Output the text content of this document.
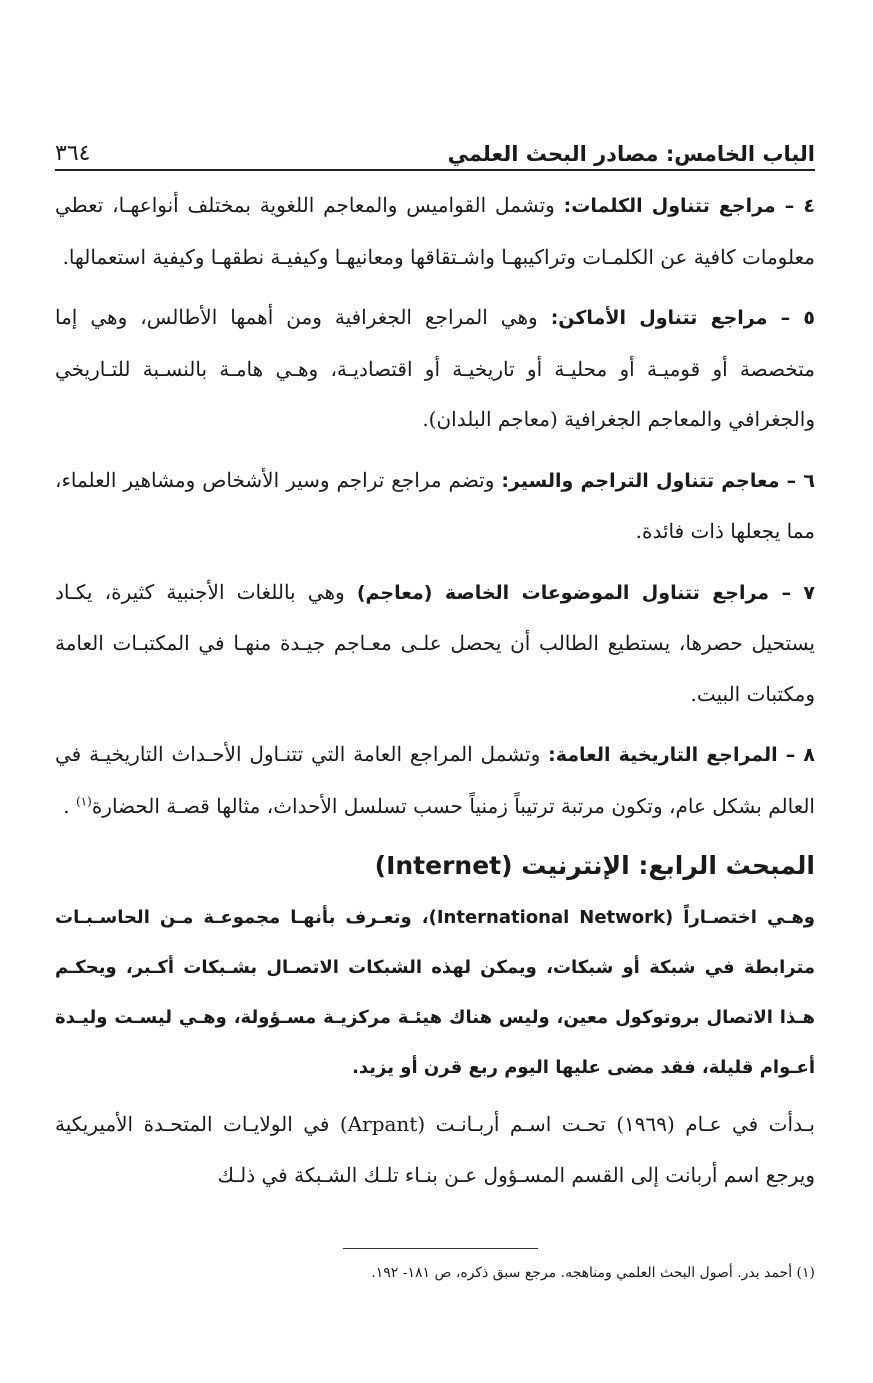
٣٦٤	الباب الخامس: مصادر البحث العلمي

٤ – مراجع تتناول الكلمات: وتشمل القواميس والمعاجم اللغوية بمختلف أنواعهـا، تعطي معلومات كافية عن الكلمـات وتراكيبهـا واشـتقاقها ومعانيهـا وكيفيـة نطقهـا وكيفية استعمالها.

٥ – مراجع تتناول الأماكن: وهي المراجع الجغرافية ومن أهمها الأطالس، وهي إما متخصصة أو قوميـة أو محليـة أو تاريخيـة أو اقتصاديـة، وهـي هامـة بالنسـبة للتـاريخي والجغرافي والمعاجم الجغرافية (معاجم البلدان).

٦ – معاجم تتناول التراجم والسير: وتضم مراجع تراجم وسير الأشخاص ومشاهير العلماء، مما يجعلها ذات فائدة.

٧ – مراجع تتناول الموضوعات الخاصة (معاجم) وهي باللغات الأجنبية كثيرة، يكـاد يستحيل حصرها، يستطيع الطالب أن يحصل علـى معـاجم جيـدة منهـا في المكتبـات العامة ومكتبات البيت.

٨ – المراجع التاريخية العامة: وتشمل المراجع العامة التي تتنـاول الأحـداث التاريخيـة في العالم بشكل عام، وتكون مرتبة ترتيباً زمنياً حسب تسلسل الأحداث، مثالها قصـة الحضارة$^{(١)}$ .

المبحث الرابع: الإنترنيت (Internet)

وهـي اختصـاراً (International Network)، وتعـرف بأنهـا مجموعـة مـن الحاسـبـات مترابطة في شبكة أو شبكات، ويمكن لهذه الشبكات الاتصـال بشـبكات أكـبر، ويحكـم هـذا الاتصال بروتوكول معين، وليس هناك هيئـة مركزيـة مسـؤولة، وهـي ليسـت وليـدة أعـوام قليلة، فقد مضى عليها اليوم ربع قرن أو يزيد.

بـدأت في عـام (١٩٦٩) تحـت اسـم أربـانـت (Arpant) في الولايـات المتحـدة الأميريكية ويرجع اسم أربانت إلى القسم المسـؤول عـن بنـاء تلـك الشـبكة في ذلـك

(١) أحمد بدر. أصول البحث العلمي ومناهجه. مرجع سبق ذكره، ص ١٨١- ١٩٢.
